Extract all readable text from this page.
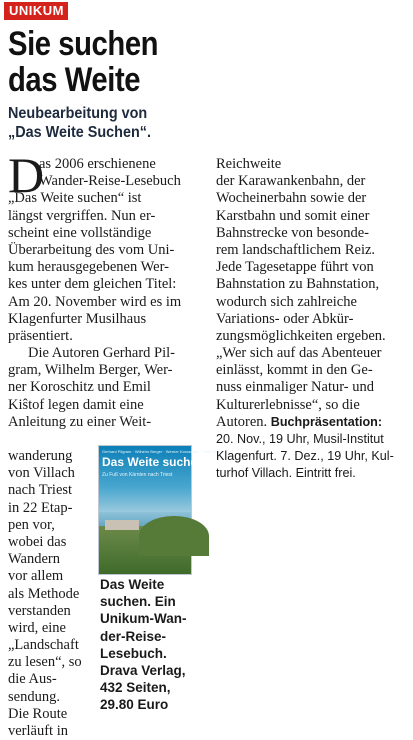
UNIKUM
Sie suchen
das Weite
Neubearbeitung von
„Das Weite Suchen“.
D
as 2006 erschienene
Wander-Reise-Lesebuch
„Das Weite suchen“ ist
längst vergriffen. Nun er-
scheint eine vollständige
Überarbeitung des vom Uni-
kum herausgegebenen Wer-
kes unter dem gleichen Titel:
Am 20. November wird es im
Klagenfurter Musilhaus
präsentiert.
Die Autoren Gerhard Pil-
gram, Wilhelm Berger, Wer-
ner Koroschitz und Emil
Kiŝtof legen damit eine
Anleitung zu einer Weit-
wanderung
von Villach
nach Triest
in 22 Etap-
pen vor,
wobei das
Wandern
vor allem
als Methode
verstanden
wird, eine
„Landschaft
zu lesen“, so
die Aus-
sendung.
Die Route
verläuft in
Gerhard Pilgram · Wilhelm Berger · Werner Koroschitz · Emil Kiŝtof
Das Weite suchen
Zu Fuß von Kärnten nach Triest
Das Weite
suchen. Ein
Unikum-Wan-
der-Reise-
Lesebuch.
Drava Verlag,
432 Seiten,
29.80 Euro
Reichweite
der Karawankenbahn, der
Wocheinerbahn sowie der
Karstbahn und somit einer
Bahnstrecke von besonde-
rem landschaftlichem Reiz.
Jede Tagesetappe führt von
Bahnstation zu Bahnstation,
wodurch sich zahlreiche
Variations- oder Abkür-
zungsmöglichkeiten ergeben.
„Wer sich auf das Abenteuer
einlässt, kommt in den Ge-
nuss einmaliger Natur- und
Kulturerlebnisse“, so die
Autoren. Buchpräsentation:
20. Nov., 19 Uhr, Musil-Institut
Klagenfurt. 7. Dez., 19 Uhr, Kul-
turhof Villach. Eintritt frei.
